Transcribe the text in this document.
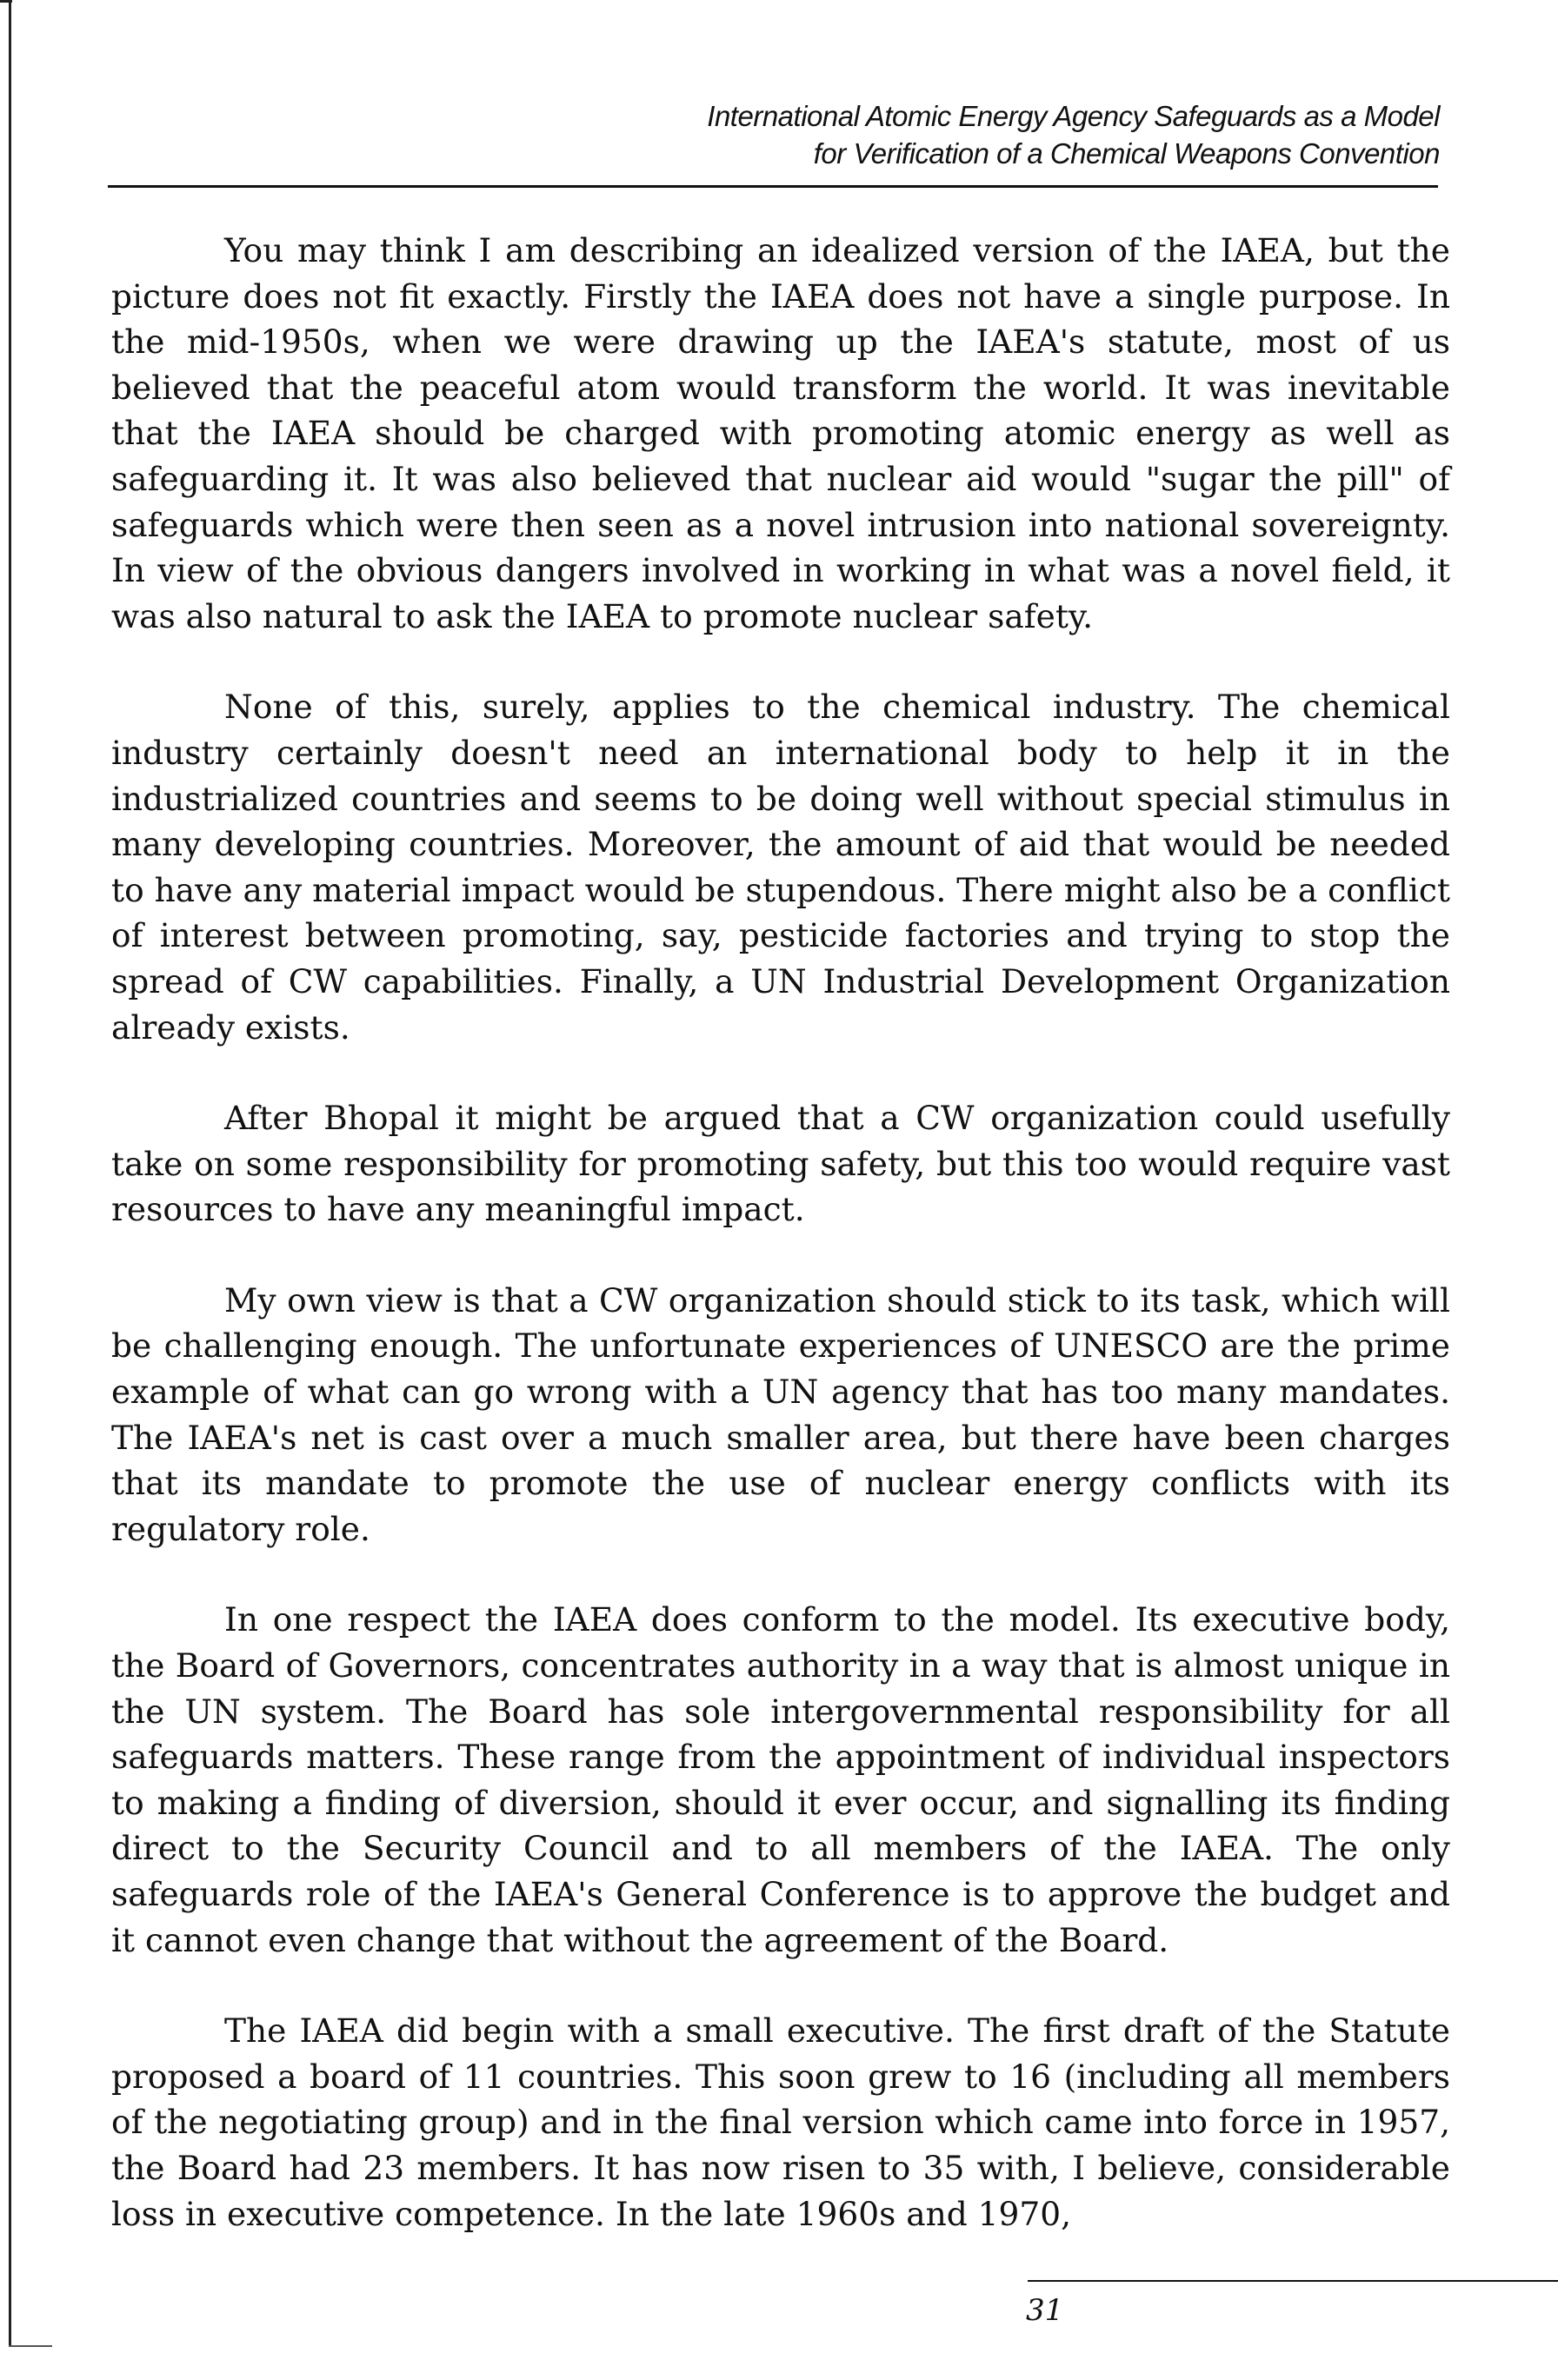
International Atomic Energy Agency Safeguards as a Model
for Verification of a Chemical Weapons Convention

You may think I am describing an idealized version of the IAEA, but the picture does not fit exactly. Firstly the IAEA does not have a single purpose. In the mid-1950s, when we were drawing up the IAEA's statute, most of us believed that the peaceful atom would transform the world. It was inevitable that the IAEA should be charged with promoting atomic energy as well as safeguarding it. It was also believed that nuclear aid would "sugar the pill" of safeguards which were then seen as a novel intrusion into national sovereignty. In view of the obvious dangers involved in working in what was a novel field, it was also natural to ask the IAEA to promote nuclear safety.

None of this, surely, applies to the chemical industry. The chemical industry certainly doesn't need an international body to help it in the industrialized countries and seems to be doing well without special stimulus in many developing countries. Moreover, the amount of aid that would be needed to have any material impact would be stupendous. There might also be a conflict of interest between promoting, say, pesticide factories and trying to stop the spread of CW capabilities. Finally, a UN Industrial Development Organization already exists.

After Bhopal it might be argued that a CW organization could usefully take on some responsibility for promoting safety, but this too would require vast resources to have any meaningful impact.

My own view is that a CW organization should stick to its task, which will be challenging enough. The unfortunate experiences of UNESCO are the prime example of what can go wrong with a UN agency that has too many mandates. The IAEA's net is cast over a much smaller area, but there have been charges that its mandate to promote the use of nuclear energy conflicts with its regulatory role.

In one respect the IAEA does conform to the model. Its executive body, the Board of Governors, concentrates authority in a way that is almost unique in the UN system. The Board has sole intergovernmental responsibility for all safeguards matters. These range from the appointment of individual inspectors to making a finding of diversion, should it ever occur, and signalling its finding direct to the Security Council and to all members of the IAEA. The only safeguards role of the IAEA's General Conference is to approve the budget and it cannot even change that without the agreement of the Board.

The IAEA did begin with a small executive. The first draft of the Statute proposed a board of 11 countries. This soon grew to 16 (including all members of the negotiating group) and in the final version which came into force in 1957, the Board had 23 members. It has now risen to 35 with, I believe, considerable loss in executive competence. In the late 1960s and 1970,

31
